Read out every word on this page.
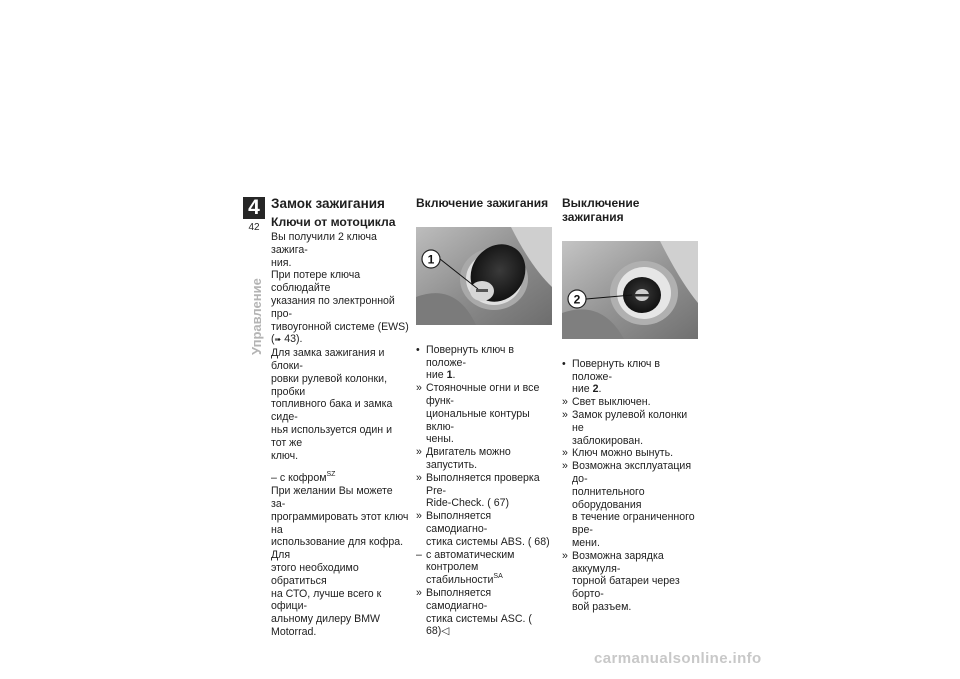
4
42
Управление
Замок зажигания
Ключи от мотоцикла

Вы получили 2 ключа зажига-
ния.
При потере ключа соблюдайте
указания по электронной про-
тивоугонной системе (EWS)
(➠ 43).
Для замка зажигания и блоки-
ровки рулевой колонки, пробки
топливного бака и замка сиде-
нья используется один и тот же
ключ.

– с кофром$^{SZ}$

При желании Вы можете за-
программировать этот ключ на
использование для кофра. Для
этого необходимо обратиться
на СТО, лучше всего к офици-
альному дилеру BMW Motorrad.

Включение зажигания
1
• Повернуть ключ в положе-
ние 1.
» Стояночные огни и все функ-
циональные контуры вклю-
чены.
» Двигатель можно запустить.
» Выполняется проверка Pre-
Ride-Check. ( 67)
» Выполняется самодиагно-
стика системы ABS. ( 68)
– с автоматическим контролем
стабильности$^{SA}$
» Выполняется самодиагно-
стика системы ASC. ( 68)◁
Выключение зажигания
2
• Повернуть ключ в положе-
ние 2.
» Свет выключен.
» Замок рулевой колонки не
заблокирован.
» Ключ можно вынуть.
» Возможна эксплуатация до-
полнительного оборудования
в течение ограниченного вре-
мени.
» Возможна зарядка аккумуля-
торной батареи через борто-
вой разъем.
carmanualsonline.info
